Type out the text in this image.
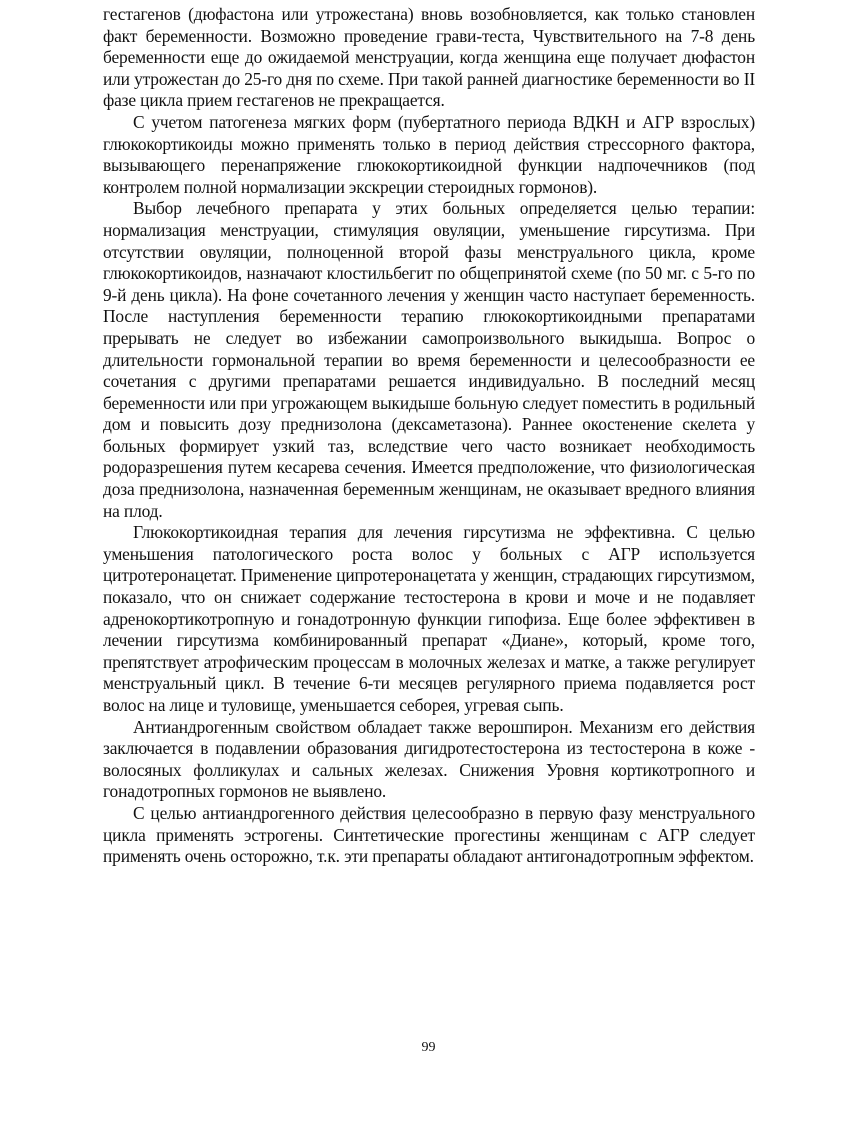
гестагенов (дюфастона или утрожестана) вновь возобновляется, как только становлен факт беременности. Возможно проведение грави-теста, Чувствительного на 7-8 день беременности еще до ожидаемой менструации, когда женщина еще получает дюфастон или утрожестан до 25-го дня по схеме. При такой ранней диагностике беременности во II фазе цикла прием гестагенов не прекращается.

С учетом патогенеза мягких форм (пубертатного периода ВДКН и АГР взрослых) глюкокортикоиды можно применять только в период действия стрессорного фактора, вызывающего перенапряжение глюкокортикоидной функции надпочечников (под контролем полной нормализации экскреции стероидных гормонов).

Выбор лечебного препарата у этих больных определяется целью терапии: нормализация менструации, стимуляция овуляции, уменьшение гирсутизма. При отсутствии овуляции, полноценной второй фазы менструального цикла, кроме глюкокортикоидов, назначают клостильбегит по общепринятой схеме (по 50 мг. с 5-го по 9-й день цикла). На фоне сочетанного лечения у женщин часто наступает беременность. После наступления беременности терапию глюкокортикоидными препаратами прерывать не следует во избежании самопроизвольного выкидыша. Вопрос о длительности гормональной терапии во время беременности и целесообразности ее сочетания с другими препаратами решается индивидуально. В последний месяц беременности или при угрожающем выкидыше больную следует поместить в родильный дом и повысить дозу преднизолона (дексаметазона). Раннее окостенение скелета у больных формирует узкий таз, вследствие чего часто возникает необходимость родоразрешения путем кесарева сечения. Имеется предположение, что физиологическая доза преднизолона, назначенная беременным женщинам, не оказывает вредного влияния на плод.

Глюкокортикоидная терапия для лечения гирсутизма не эффективна. С целью уменьшения патологического роста волос у больных с АГР используется цитротеронацетат. Применение ципротеронацетата у женщин, страдающих гирсутизмом, показало, что он снижает содержание тестостерона в крови и моче и не подавляет адренокортикотропную и гонадотронную функции гипофиза. Еще более эффективен в лечении гирсутизма комбинированный препарат «Диане», который, кроме того, препятствует атрофическим процессам в молочных железах и матке, а также регулирует менструальный цикл. В течение 6-ти месяцев регулярного приема подавляется рост волос на лице и туловище, уменьшается себорея, угревая сыпь.

Антиандрогенным свойством обладает также верошпирон. Механизм его действия заключается в подавлении образования дигидротестостерона из тестостерона в коже - волосяных фолликулах и сальных железах. Снижения Уровня кортикотропного и гонадотропных гормонов не выявлено.

С целью антиандрогенного действия целесообразно в первую фазу менструального цикла применять эстрогены. Синтетические прогестины женщинам с АГР следует применять очень осторожно, т.к. эти препараты обладают антигонадотропным эффектом.

99
